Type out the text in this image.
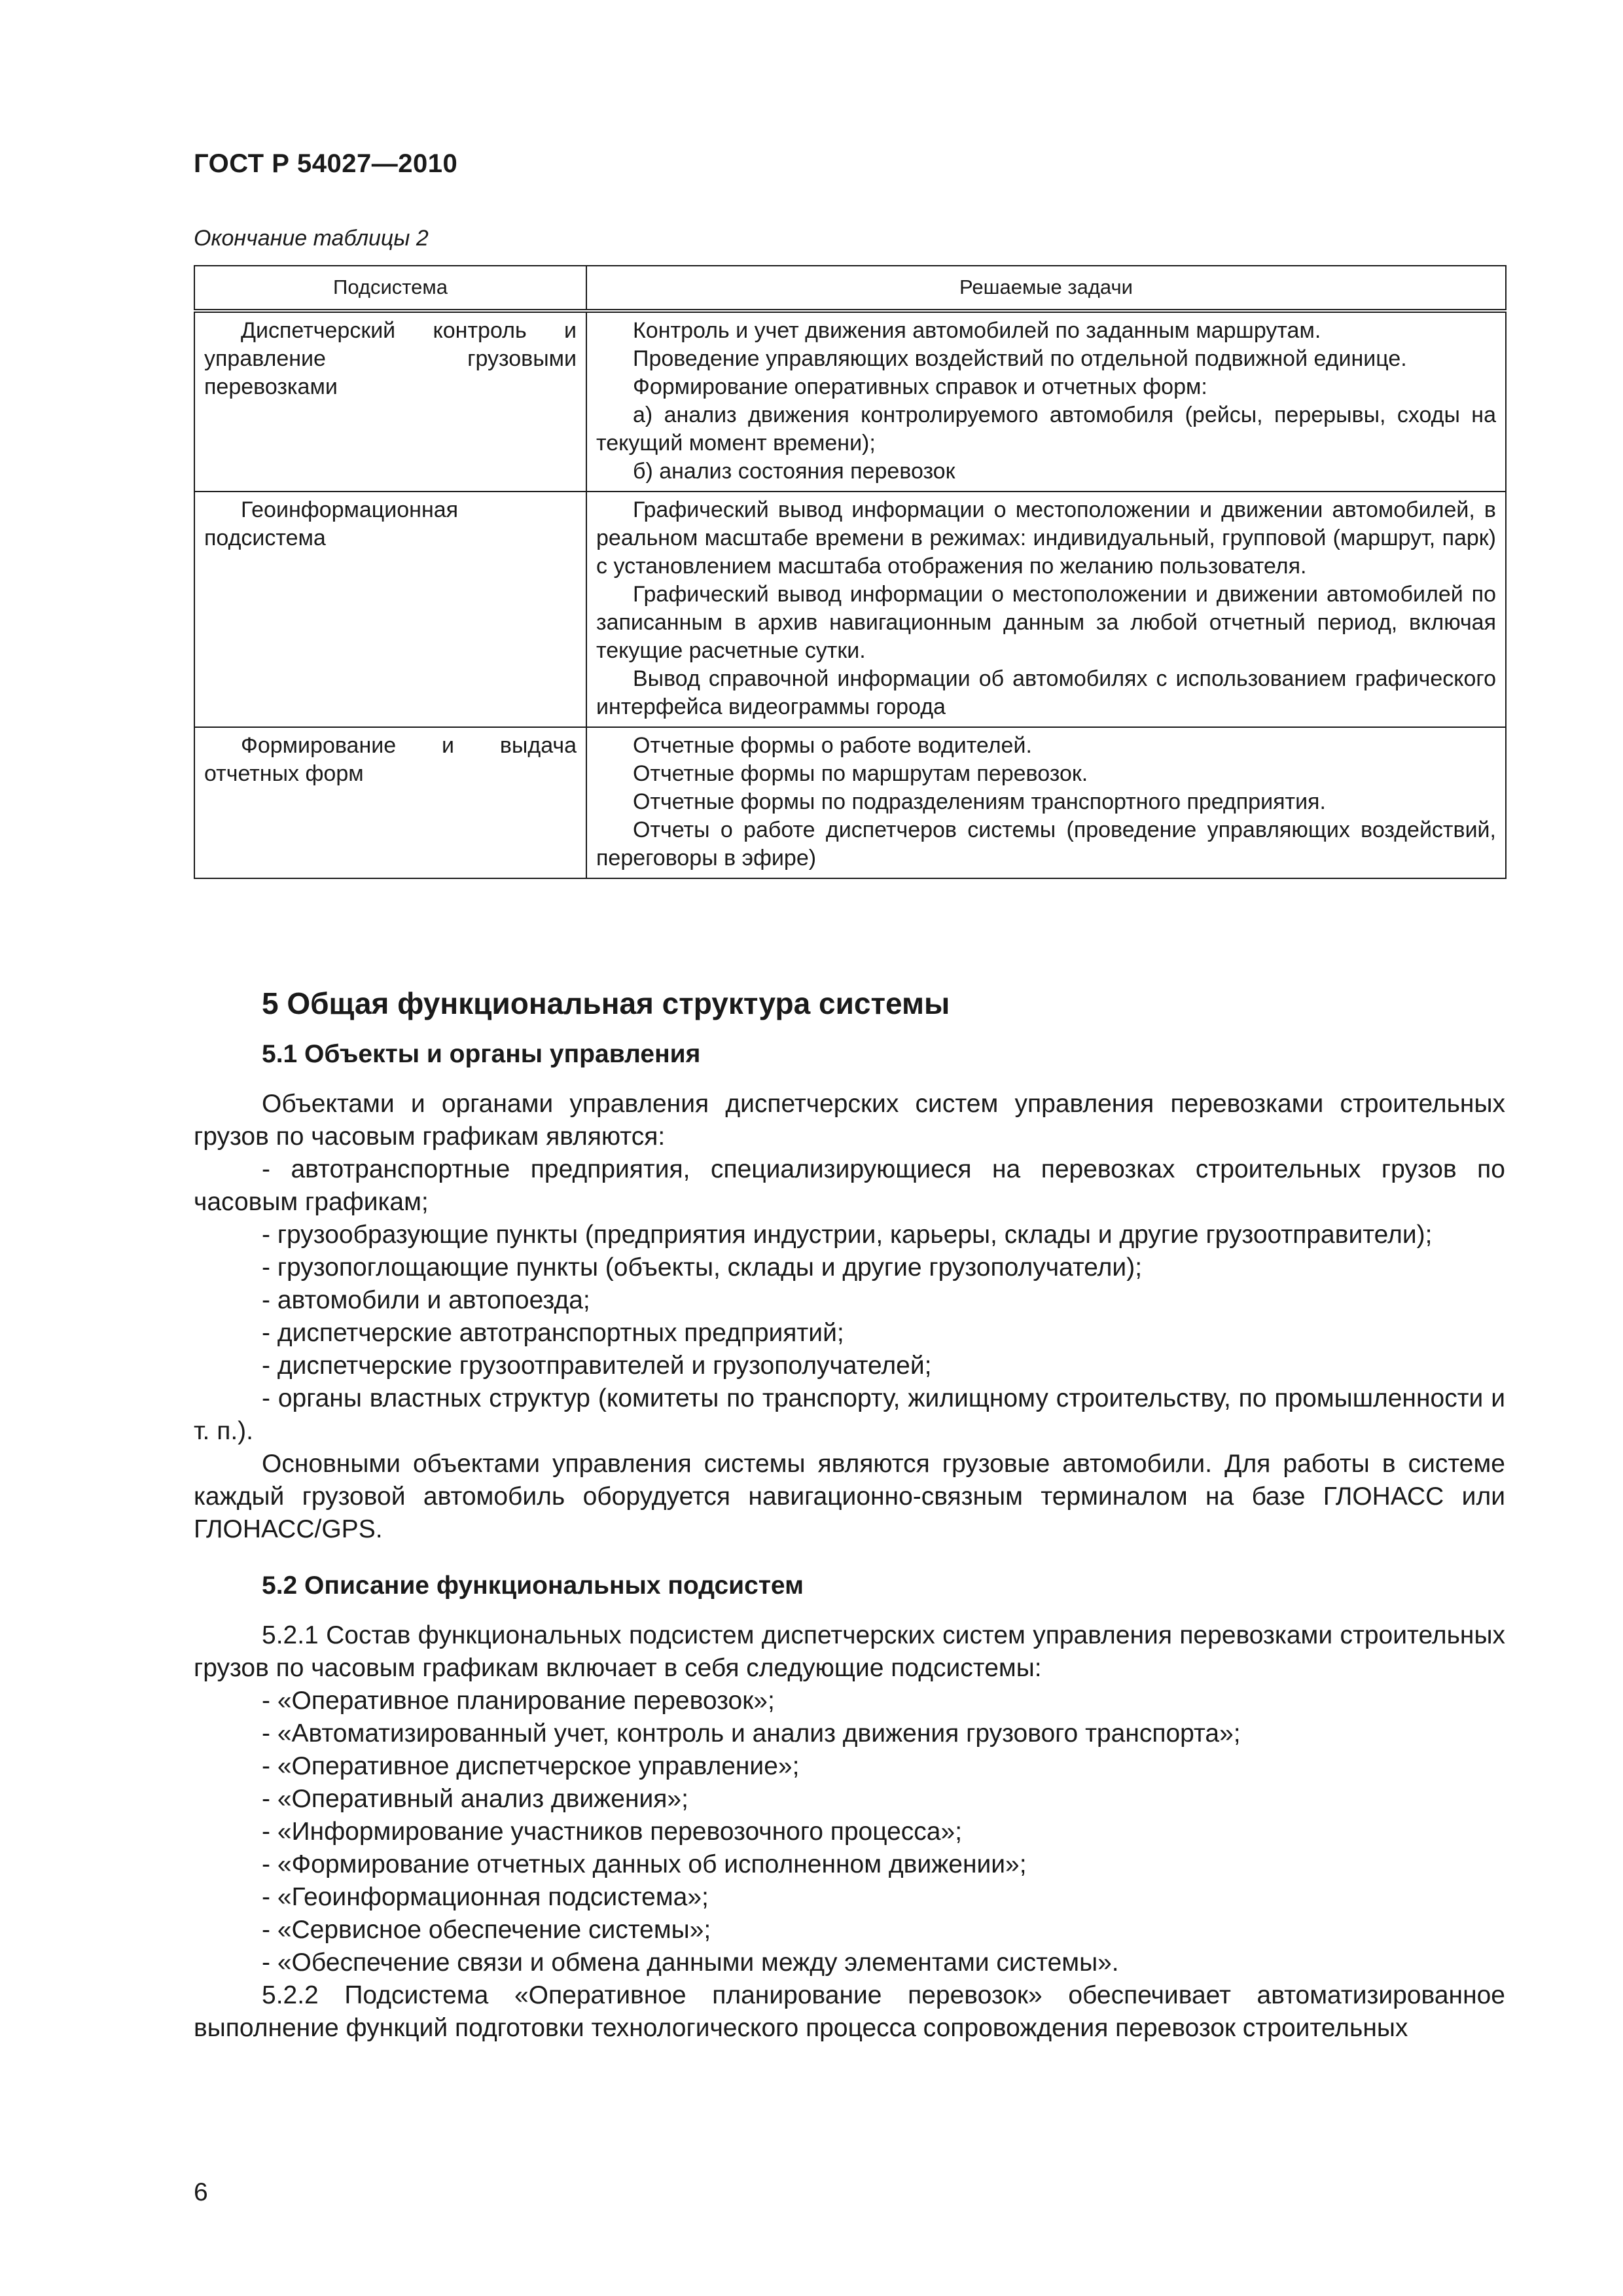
ГОСТ Р 54027—2010
Окончание таблицы 2
Подсистема	Решаемые задачи

Диспетчерский контроль и управление грузовыми перевозками	Контроль и учет движения автомобилей по заданным маршрутам.
Проведение управляющих воздействий по отдельной подвижной единице.
Формирование оперативных справок и отчетных форм:
а) анализ движения контролируемого автомобиля (рейсы, перерывы, сходы на текущий момент времени);
б) анализ состояния перевозок

Геоинформационная подсистема	Графический вывод информации о местоположении и движении автомобилей, в реальном масштабе времени в режимах: индивидуальный, групповой (маршрут, парк) с установлением масштаба отображения по желанию пользователя.
Графический вывод информации о местоположении и движении автомобилей по записанным в архив навигационным данным за любой отчетный период, включая текущие расчетные сутки.
Вывод справочной информации об автомобилях с использованием графического интерфейса видеограммы города

Формирование и выдача отчетных форм	Отчетные формы о работе водителей.
Отчетные формы по маршрутам перевозок.
Отчетные формы по подразделениям транспортного предприятия.
Отчеты о работе диспетчеров системы (проведение управляющих воздействий, переговоры в эфире)
5 Общая функциональная структура системы
5.1 Объекты и органы управления
Объектами и органами управления диспетчерских систем управления перевозками строительных грузов по часовым графикам являются:
- автотранспортные предприятия, специализирующиеся на перевозках строительных грузов по часовым графикам;
- грузообразующие пункты (предприятия индустрии, карьеры, склады и другие грузоотправители);
- грузопоглощающие пункты (объекты, склады и другие грузополучатели);
- автомобили и автопоезда;
- диспетчерские автотранспортных предприятий;
- диспетчерские грузоотправителей и грузополучателей;
- органы властных структур (комитеты по транспорту, жилищному строительству, по промышленности и т. п.).
Основными объектами управления системы являются грузовые автомобили. Для работы в системе каждый грузовой автомобиль оборудуется навигационно-связным терминалом на базе ГЛОНАСС или ГЛОНАСС/GPS.
5.2 Описание функциональных подсистем
5.2.1 Состав функциональных подсистем диспетчерских систем управления перевозками строительных грузов по часовым графикам включает в себя следующие подсистемы:
- «Оперативное планирование перевозок»;
- «Автоматизированный учет, контроль и анализ движения грузового транспорта»;
- «Оперативное диспетчерское управление»;
- «Оперативный анализ движения»;
- «Информирование участников перевозочного процесса»;
- «Формирование отчетных данных об исполненном движении»;
- «Геоинформационная подсистема»;
- «Сервисное обеспечение системы»;
- «Обеспечение связи и обмена данными между элементами системы».
5.2.2 Подсистема «Оперативное планирование перевозок» обеспечивает автоматизированное выполнение функций подготовки технологического процесса сопровождения перевозок строительных
6
